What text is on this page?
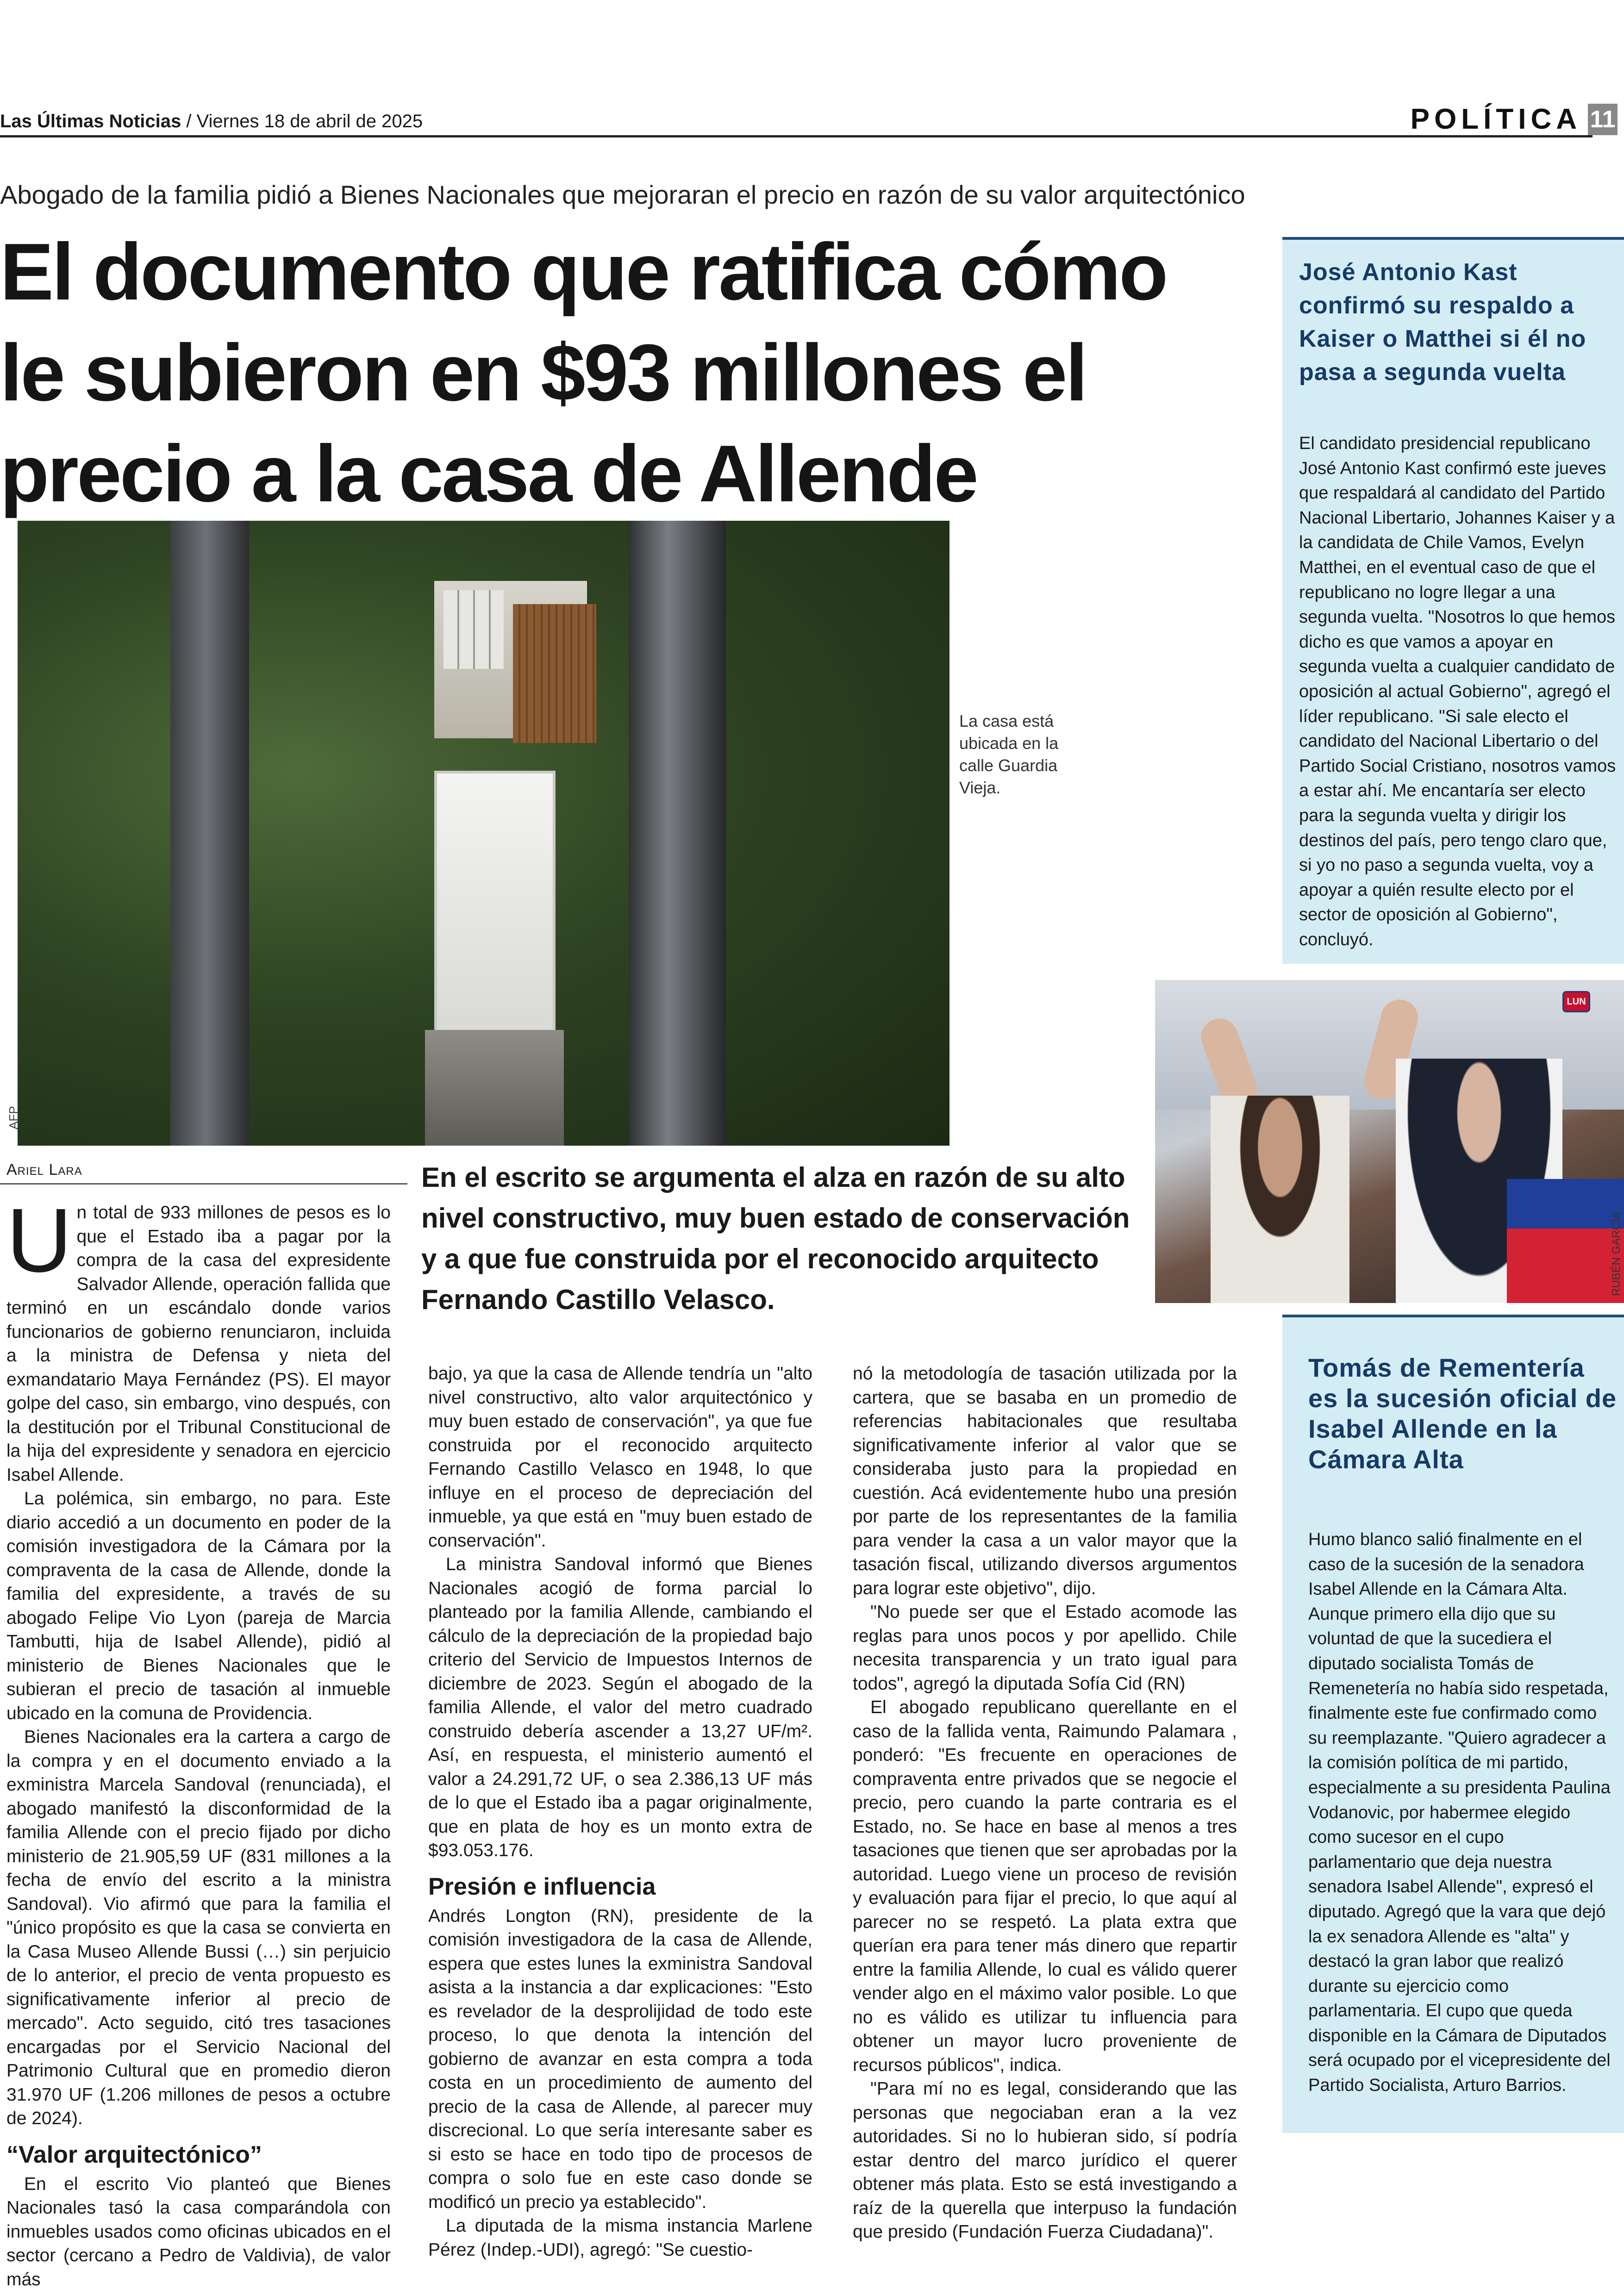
Las Últimas Noticias / Viernes 18 de abril de 2025	POLÍTICA 11
Abogado de la familia pidió a Bienes Nacionales que mejoraran el precio en razón de su valor arquitectónico
El documento que ratifica cómo
le subieron en $93 millones el
precio a la casa de Allende
La casa está ubicada en la calle Guardia Vieja.
AFP
Ariel Lara	En el escrito se argumenta el alza en razón de su alto nivel constructivo, muy buen estado de conservación y a que fue construida por el reconocido arquitecto Fernando Castillo Velasco.

Un total de 933 millones de pesos es lo que el Estado iba a pagar por la compra de la casa del expresidente Salvador Allende, operación fallida que terminó en un escándalo donde varios funcionarios de gobierno renunciaron, incluida a la ministra de Defensa y nieta del exmandatario Maya Fernández (PS). El mayor golpe del caso, sin embargo, vino después, con la destitución por el Tribunal Constitucional de la hija del expresidente y senadora en ejercicio Isabel Allende.

La polémica, sin embargo, no para. Este diario accedió a un documento en poder de la comisión investigadora de la Cámara por la compraventa de la casa de Allende, donde la familia del expresidente, a través de su abogado Felipe Vio Lyon (pareja de Marcia Tambutti, hija de Isabel Allende), pidió al ministerio de Bienes Nacionales que le subieran el precio de tasación al inmueble ubicado en la comuna de Providencia.

Bienes Nacionales era la cartera a cargo de la compra y en el documento enviado a la exministra Marcela Sandoval (renunciada), el abogado manifestó la disconformidad de la familia Allende con el precio fijado por dicho ministerio de 21.905,59 UF (831 millones a la fecha de envío del escrito a la ministra Sandoval). Vio afirmó que para la familia el "único propósito es que la casa se convierta en la Casa Museo Allende Bussi (…) sin perjuicio de lo anterior, el precio de venta propuesto es significativamente inferior al precio de mercado". Acto seguido, citó tres tasaciones encargadas por el Servicio Nacional del Patrimonio Cultural que en promedio dieron 31.970 UF (1.206 millones de pesos a octubre de 2024).

“Valor arquitectónico”

En el escrito Vio planteó que Bienes Nacionales tasó la casa comparándola con inmuebles usados como oficinas ubicados en el sector (cercano a Pedro de Valdivia), de valor más

bajo, ya que la casa de Allende tendría un "alto nivel constructivo, alto valor arquitectónico y muy buen estado de conservación", ya que fue construida por el reconocido arquitecto Fernando Castillo Velasco en 1948, lo que influye en el proceso de depreciación del inmueble, ya que está en "muy buen estado de conservación".

La ministra Sandoval informó que Bienes Nacionales acogió de forma parcial lo planteado por la familia Allende, cambiando el cálculo de la depreciación de la propiedad bajo criterio del Servicio de Impuestos Internos de diciembre de 2023. Según el abogado de la familia Allende, el valor del metro cuadrado construido debería ascender a 13,27 UF/m². Así, en respuesta, el ministerio aumentó el valor a 24.291,72 UF, o sea 2.386,13 UF más de lo que el Estado iba a pagar originalmente, que en plata de hoy es un monto extra de $93.053.176.

Presión e influencia

Andrés Longton (RN), presidente de la comisión investigadora de la casa de Allende, espera que estes lunes la exministra Sandoval asista a la instancia a dar explicaciones: "Esto es revelador de la desprolijidad de todo este proceso, lo que denota la intención del gobierno de avanzar en esta compra a toda costa en un procedimiento de aumento del precio de la casa de Allende, al parecer muy discrecional. Lo que sería interesante saber es si esto se hace en todo tipo de procesos de compra o solo fue en este caso donde se modificó un precio ya establecido".

La diputada de la misma instancia Marlene Pérez (Indep.-UDI), agregó: "Se cuestio-

nó la metodología de tasación utilizada por la cartera, que se basaba en un promedio de referencias habitacionales que resultaba significativamente inferior al valor que se consideraba justo para la propiedad en cuestión. Acá evidentemente hubo una presión por parte de los representantes de la familia para vender la casa a un valor mayor que la tasación fiscal, utilizando diversos argumentos para lograr este objetivo", dijo.

"No puede ser que el Estado acomode las reglas para unos pocos y por apellido. Chile necesita transparencia y un trato igual para todos", agregó la diputada Sofía Cid (RN)

El abogado republicano querellante en el caso de la fallida venta, Raimundo Palamara , ponderó: "Es frecuente en operaciones de compraventa entre privados que se negocie el precio, pero cuando la parte contraria es el Estado, no. Se hace en base al menos a tres tasaciones que tienen que ser aprobadas por la autoridad. Luego viene un proceso de revisión y evaluación para fijar el precio, lo que aquí al parecer no se respetó. La plata extra que querían era para tener más dinero que repartir entre la familia Allende, lo cual es válido querer vender algo en el máximo valor posible. Lo que no es válido es utilizar tu influencia para obtener un mayor lucro proveniente de recursos públicos", indica.

"Para mí no es legal, considerando que las personas que negociaban eran a la vez autoridades. Si no lo hubieran sido, sí podría estar dentro del marco jurídico el querer obtener más plata. Esto se está investigando a raíz de la querella que interpuso la fundación que presido (Fundación Fuerza Ciudadana)".

José Antonio Kast confirmó su respaldo a Kaiser o Matthei si él no pasa a segunda vuelta
El candidato presidencial republicano José Antonio Kast confirmó este jueves que respaldará al candidato del Partido Nacional Libertario, Johannes Kaiser y a la candidata de Chile Vamos, Evelyn Matthei, en el eventual caso de que el republicano no logre llegar a una segunda vuelta. "Nosotros lo que hemos dicho es que vamos a apoyar en segunda vuelta a cualquier candidato de oposición al actual Gobierno", agregó el líder republicano. "Si sale electo el candidato del Nacional Libertario o del Partido Social Cristiano, nosotros vamos a estar ahí. Me encantaría ser electo para la segunda vuelta y dirigir los destinos del país, pero tengo claro que, si yo no paso a segunda vuelta, voy a apoyar a quién resulte electo por el sector de oposición al Gobierno", concluyó.
LUN
RUBÉN GARCÍA
Tomás de Rementería es la sucesión oficial de Isabel Allende en la Cámara Alta
Humo blanco salió finalmente en el caso de la sucesión de la senadora Isabel Allende en la Cámara Alta. Aunque primero ella dijo que su voluntad de que la sucediera el diputado socialista Tomás de Remenetería no había sido respetada, finalmente este fue confirmado como su reemplazante. "Quiero agradecer a la comisión política de mi partido, especialmente a su presidenta Paulina Vodanovic, por habermee elegido como sucesor en el cupo parlamentario que deja nuestra senadora Isabel Allende", expresó el diputado. Agregó que la vara que dejó la ex senadora Allende es "alta" y destacó la gran labor que realizó durante su ejercicio como parlamentaria. El cupo que queda disponible en la Cámara de Diputados será ocupado por el vicepresidente del Partido Socialista, Arturo Barrios.
